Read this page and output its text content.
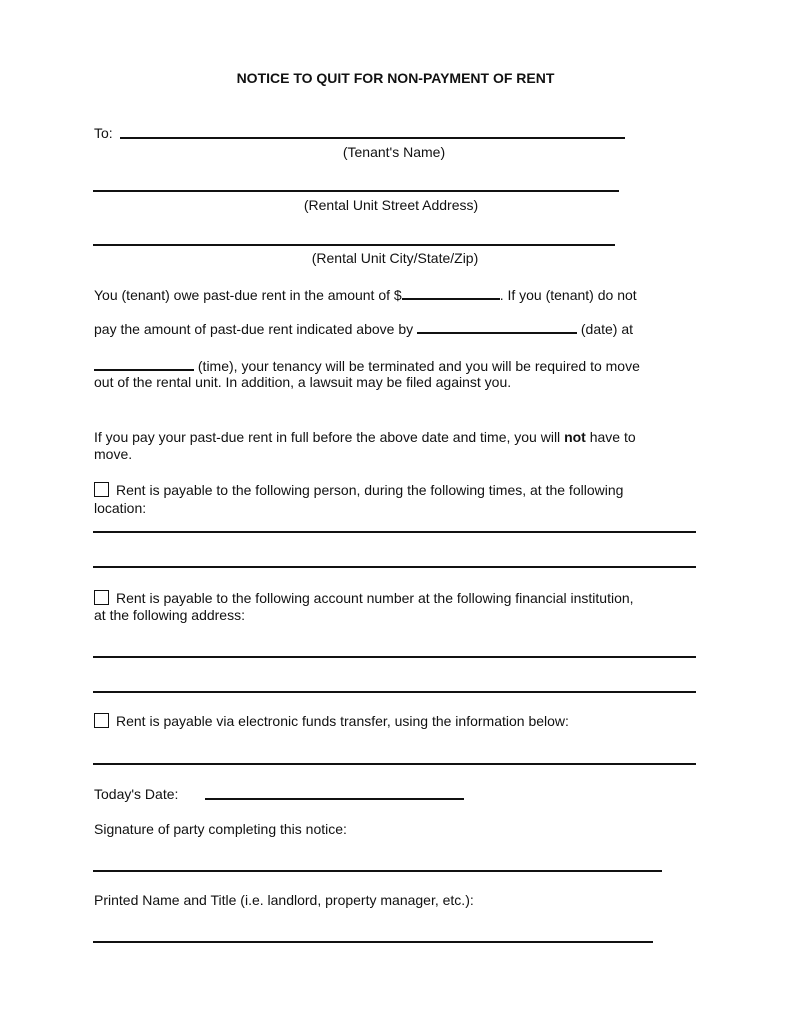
NOTICE TO QUIT FOR NON-PAYMENT OF RENT
To:
(Tenant's Name)
(Rental Unit Street Address)
(Rental Unit City/State/Zip)
You (tenant) owe past-due rent in the amount of $	. If you (tenant) do not
pay the amount of past-due rent indicated above by	(date) at
(time), your tenancy will be terminated and you will be required to move
out of the rental unit. In addition, a lawsuit may be filed against you.
If you pay your past-due rent in full before the above date and time, you will not have to
move.
Rent is payable to the following person, during the following times, at the following
location:
Rent is payable to the following account number at the following financial institution,
at the following address:
Rent is payable via electronic funds transfer, using the information below:
Today's Date:
Signature of party completing this notice:
Printed Name and Title (i.e. landlord, property manager, etc.):
